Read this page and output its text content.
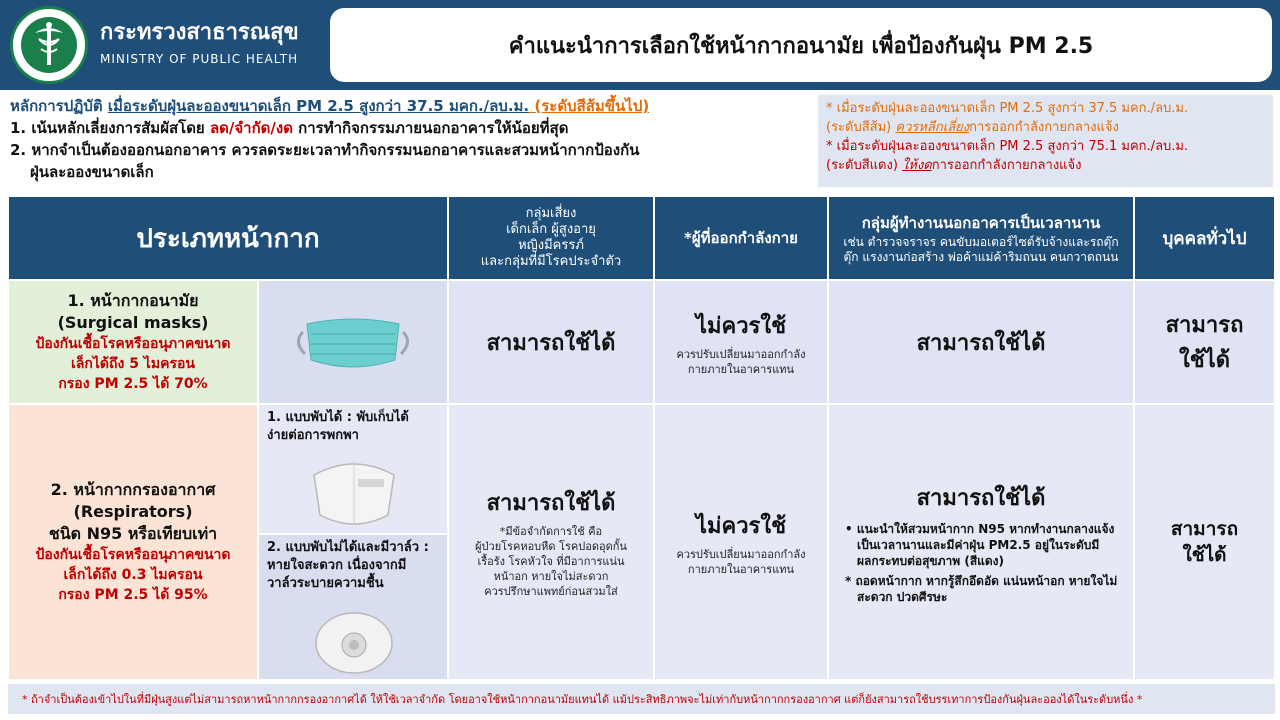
กระทรวงสาธารณสุข
MINISTRY OF PUBLIC HEALTH
คำแนะนำการเลือกใช้หน้ากากอนามัย เพื่อป้องกันฝุ่น PM 2.5
หลักการปฏิบัติ เมื่อระดับฝุ่นละอองขนาดเล็ก PM 2.5 สูงกว่า 37.5 มคก./ลบ.ม. (ระดับสีส้มขึ้นไป)
1. เน้นหลักเลี่ยงการสัมผัสโดย ลด/จำกัด/งด การทำกิจกรรมภายนอกอาคารให้น้อยที่สุด
2. หากจำเป็นต้องออกนอกอาคาร ควรลดระยะเวลาทำกิจกรรมนอกอาคารและสวมหน้ากากป้องกัน
ฝุ่นละอองขนาดเล็ก
* เมื่อระดับฝุ่นละอองขนาดเล็ก PM 2.5 สูงกว่า 37.5 มคก./ลบ.ม.
(ระดับสีส้ม) ควรหลีกเลี่ยงการออกกำลังกายกลางแจ้ง
* เมื่อระดับฝุ่นละอองขนาดเล็ก PM 2.5 สูงกว่า 75.1 มคก./ลบ.ม.
(ระดับสีแดง) ให้งดการออกกำลังกายกลางแจ้ง
ประเภทหน้ากาก
กลุ่มเสี่ยง
เด็กเล็ก ผู้สูงอายุ
หญิงมีครรภ์
และกลุ่มที่มีโรคประจำตัว
*ผู้ที่ออกกำลังกาย
กลุ่มผู้ทำงานนอกอาคารเป็นเวลานาน
เช่น ตำรวจจราจร คนขับมอเตอร์ไซต์รับจ้างและรถตุ๊กตุ๊ก แรงงานก่อสร้าง พ่อค้าแม่ค้าริมถนน คนกวาดถนน
บุคคลทั่วไป
1. หน้ากากอนามัย
(Surgical masks)
ป้องกันเชื้อโรคหรืออนุภาคขนาด
เล็กได้ถึง 5 ไมครอน
กรอง PM 2.5 ได้ 70%
สามารถใช้ได้
ไม่ควรใช้
ควรปรับเปลี่ยนมาออกกำลัง
กายภายในอาคารแทน
สามารถใช้ได้
สามารถ
ใช้ได้
2. หน้ากากกรองอากาศ
(Respirators)
ชนิด N95 หรือเทียบเท่า
ป้องกันเชื้อโรคหรืออนุภาคขนาด
เล็กได้ถึง 0.3 ไมครอน
กรอง PM 2.5 ได้ 95%
1. แบบพับได้ : พับเก็บได้
ง่ายต่อการพกพา
2. แบบพับไม่ได้และมีวาล์ว :
หายใจสะดวก เนื่องจากมี
วาล์วระบายความชื้น
สามารถใช้ได้
*มีข้อจำกัดการใช้ คือ
ผู้ป่วยโรคหอบหืด โรคปอดอุดกั้น
เรื้อรัง โรคหัวใจ ที่มีอาการแน่น
หน้าอก หายใจไม่สะดวก
ควรปรึกษาแพทย์ก่อนสวมใส่
ไม่ควรใช้
ควรปรับเปลี่ยนมาออกกำลัง
กายภายในอาคารแทน
สามารถใช้ได้
• แนะนำให้สวมหน้ากาก N95 หากทำงานกลางแจ้งเป็นเวลานานและมีค่าฝุ่น PM2.5 อยู่ในระดับมีผลกระทบต่อสุขภาพ (สีแดง)
* ถอดหน้ากาก หากรู้สึกอึดอัด แน่นหน้าอก หายใจไม่สะดวก ปวดศีรษะ
สามารถ
ใช้ได้
* ถ้าจำเป็นต้องเข้าไปในที่มีฝุ่นสูงแต่ไม่สามารถหาหน้ากากกรองอากาศได้ ให้ใช้เวลาจำกัด โดยอาจใช้หน้ากากอนามัยแทนได้ แม้ประสิทธิภาพจะไม่เท่ากับหน้ากากกรองอากาศ แต่ก็ยังสามารถใช้บรรเทาการป้องกันฝุ่นละอองได้ในระดับหนึ่ง *
